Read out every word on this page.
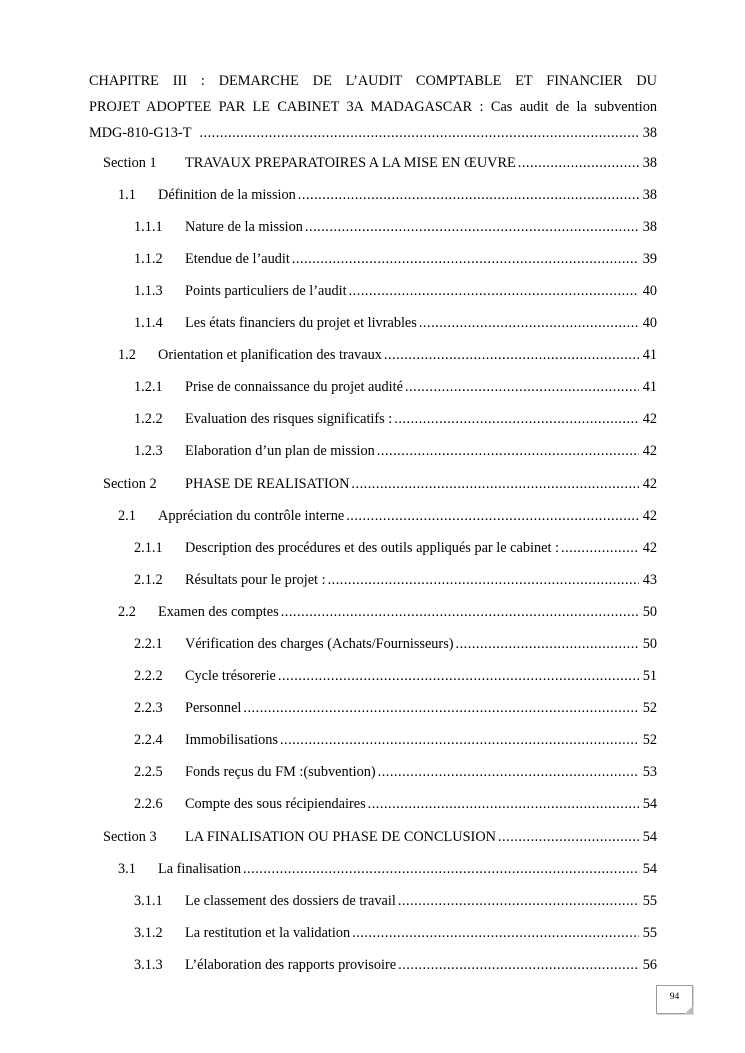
CHAPITRE III : DEMARCHE DE L’AUDIT COMPTABLE ET FINANCIER DU
PROJET ADOPTEE PAR LE CABINET 3A MADAGASCAR : Cas audit de la subvention
MDG-810-G13-T .....	38
Section 1	TRAVAUX PREPARATOIRES A LA MISE EN ŒUVRE .....	38
1.1	Définition de la mission .....	38
1.1.1	Nature de la mission .....	38
1.1.2	Etendue de l’audit .....	39
1.1.3	Points particuliers de l’audit .....	40
1.1.4	Les états financiers du projet et livrables .....	40
1.2	Orientation et planification des travaux .....	41
1.2.1	Prise de connaissance du projet audité .....	41
1.2.2	Evaluation des risques significatifs : .....	42
1.2.3	Elaboration d’un plan de mission .....	42
Section 2	PHASE DE REALISATION .....	42
2.1	Appréciation du contrôle interne .....	42
2.1.1	Description des procédures et des outils appliqués par le cabinet : .....	42
2.1.2	Résultats pour le projet : .....	43
2.2	Examen des comptes .....	50
2.2.1	Vérification des charges (Achats/Fournisseurs) .....	50
2.2.2	Cycle trésorerie .....	51
2.2.3	Personnel .....	52
2.2.4	Immobilisations .....	52
2.2.5	Fonds reçus du FM :(subvention) .....	53
2.2.6	Compte des sous récipiendaires .....	54
Section 3	LA FINALISATION OU PHASE DE CONCLUSION .....	54
3.1	La finalisation .....	54
3.1.1	Le classement des dossiers de travail .....	55
3.1.2	La restitution et la validation .....	55
3.1.3	L’élaboration des rapports provisoire .....	56
94
